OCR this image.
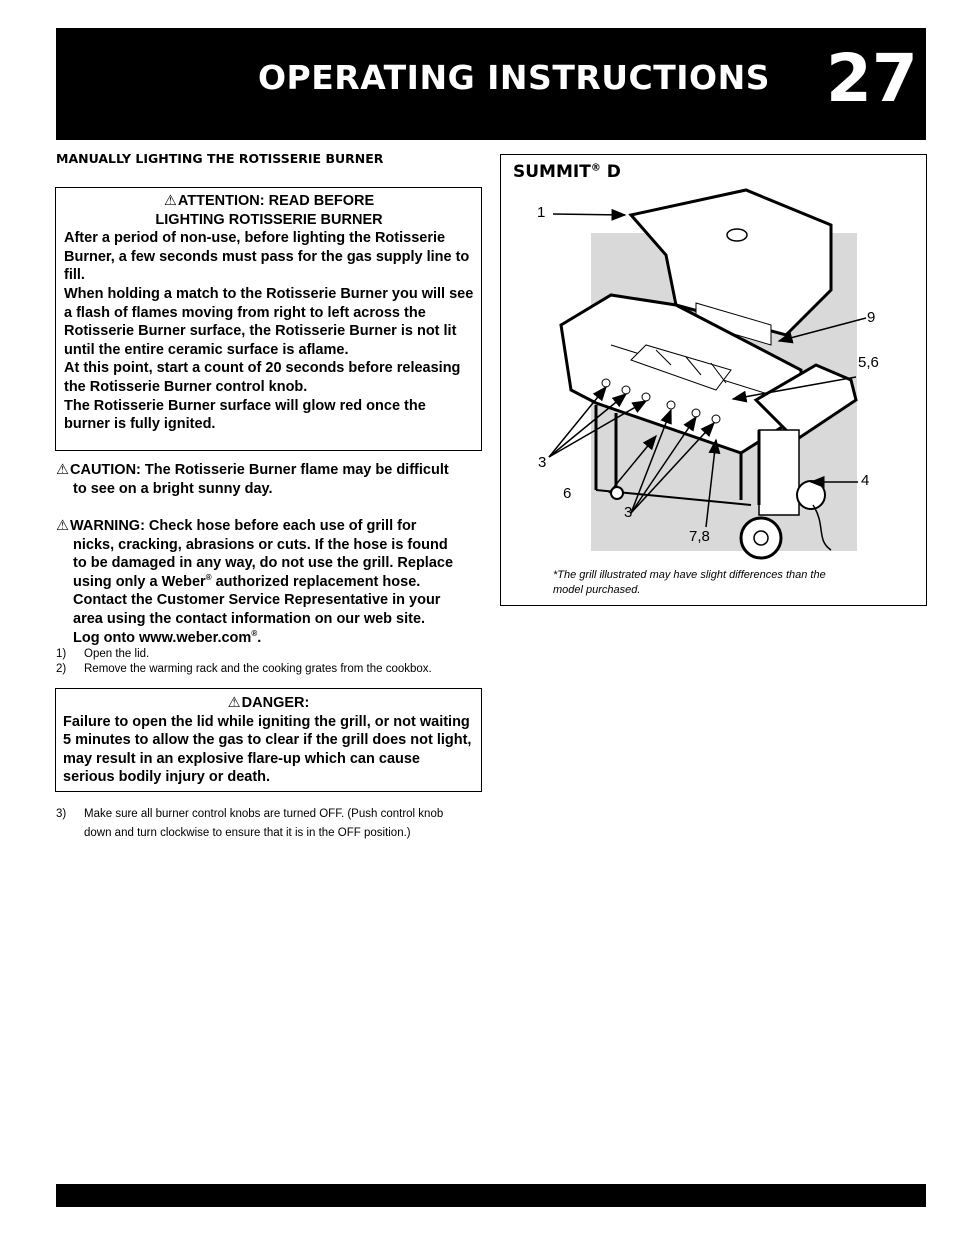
OPERATING INSTRUCTIONS 27
MANUALLY LIGHTING THE ROTISSERIE BURNER
⚠ATTENTION: READ BEFORE
LIGHTING ROTISSERIE BURNER
After a period of non-use, before lighting the Rotisserie Burner, a few seconds must pass for the gas supply line to fill.
When holding a match to the Rotisserie Burner you will see a flash of flames moving from right to left across the Rotisserie Burner surface, the Rotisserie Burner is not lit until the entire ceramic surface is aflame.
At this point, start a count of 20 seconds before releasing the Rotisserie Burner control knob.
The Rotisserie Burner surface will glow red once the burner is fully ignited.
⚠CAUTION: The Rotisserie Burner flame may be difficult
to see on a bright sunny day.
⚠WARNING: Check hose before each use of grill for
nicks, cracking, abrasions or cuts. If the hose is found
to be damaged in any way, do not use the grill. Replace
using only a Weber® authorized replacement hose.
Contact the Customer Service Representative in your
area using the contact information on our web site.
Log onto www.weber.com®.
1)	Open the lid.
2)	Remove the warming rack and the cooking grates from the cookbox.
⚠DANGER:
Failure to open the lid while igniting the grill, or not waiting 5 minutes to allow the gas to clear if the grill does not light, may result in an explosive flare-up which can cause serious bodily injury or death.
3)	Make sure all burner control knobs are turned OFF. (Push control knob
down and turn clockwise to ensure that it is in the OFF position.)
SUMMIT® D
1
9
5,6
3
6
3
7,8
4
*The grill illustrated may have slight differences than the model purchased.
